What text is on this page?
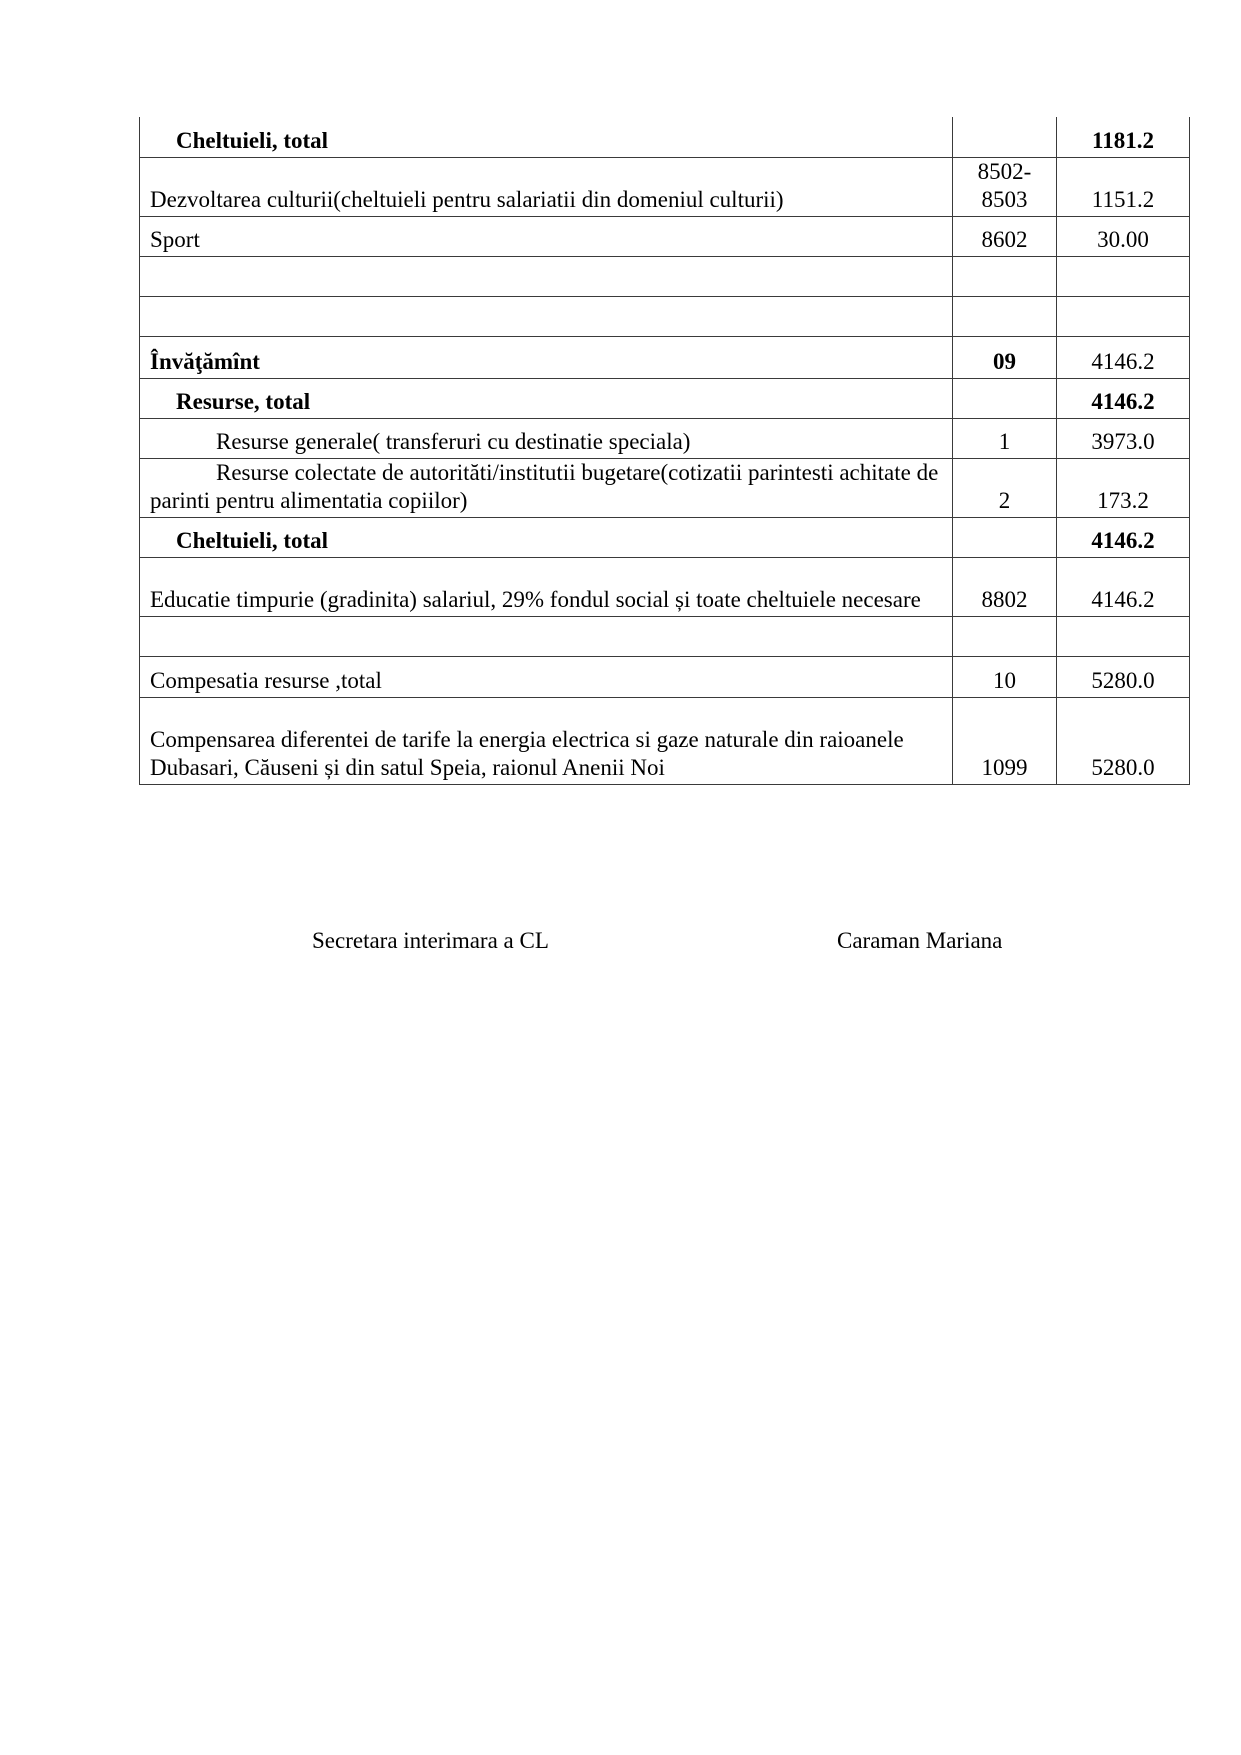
Cheltuieli, total		1181.2
Dezvoltarea culturii(cheltuieli pentru salariatii din domeniul culturii)	8502-8503	1151.2
Sport	8602	30.00

Învăţămînt	09	4146.2
Resurse, total		4146.2
Resurse generale( transferuri cu destinatie speciala)	1	3973.0
Resurse colectate de autorităti/institutii bugetare(cotizatii parintesti achitate de parinti pentru alimentatia copiilor)	2	173.2
Cheltuieli, total		4146.2
Educatie timpurie (gradinita) salariul, 29% fondul social și toate cheltuiele necesare	8802	4146.2

Compesatia resurse ,total	10	5280.0
Compensarea diferentei de tarife la energia electrica si gaze naturale din raioanele Dubasari, Căuseni și din satul Speia, raionul Anenii Noi	1099	5280.0
Secretara interimara a CL	Caraman Mariana
